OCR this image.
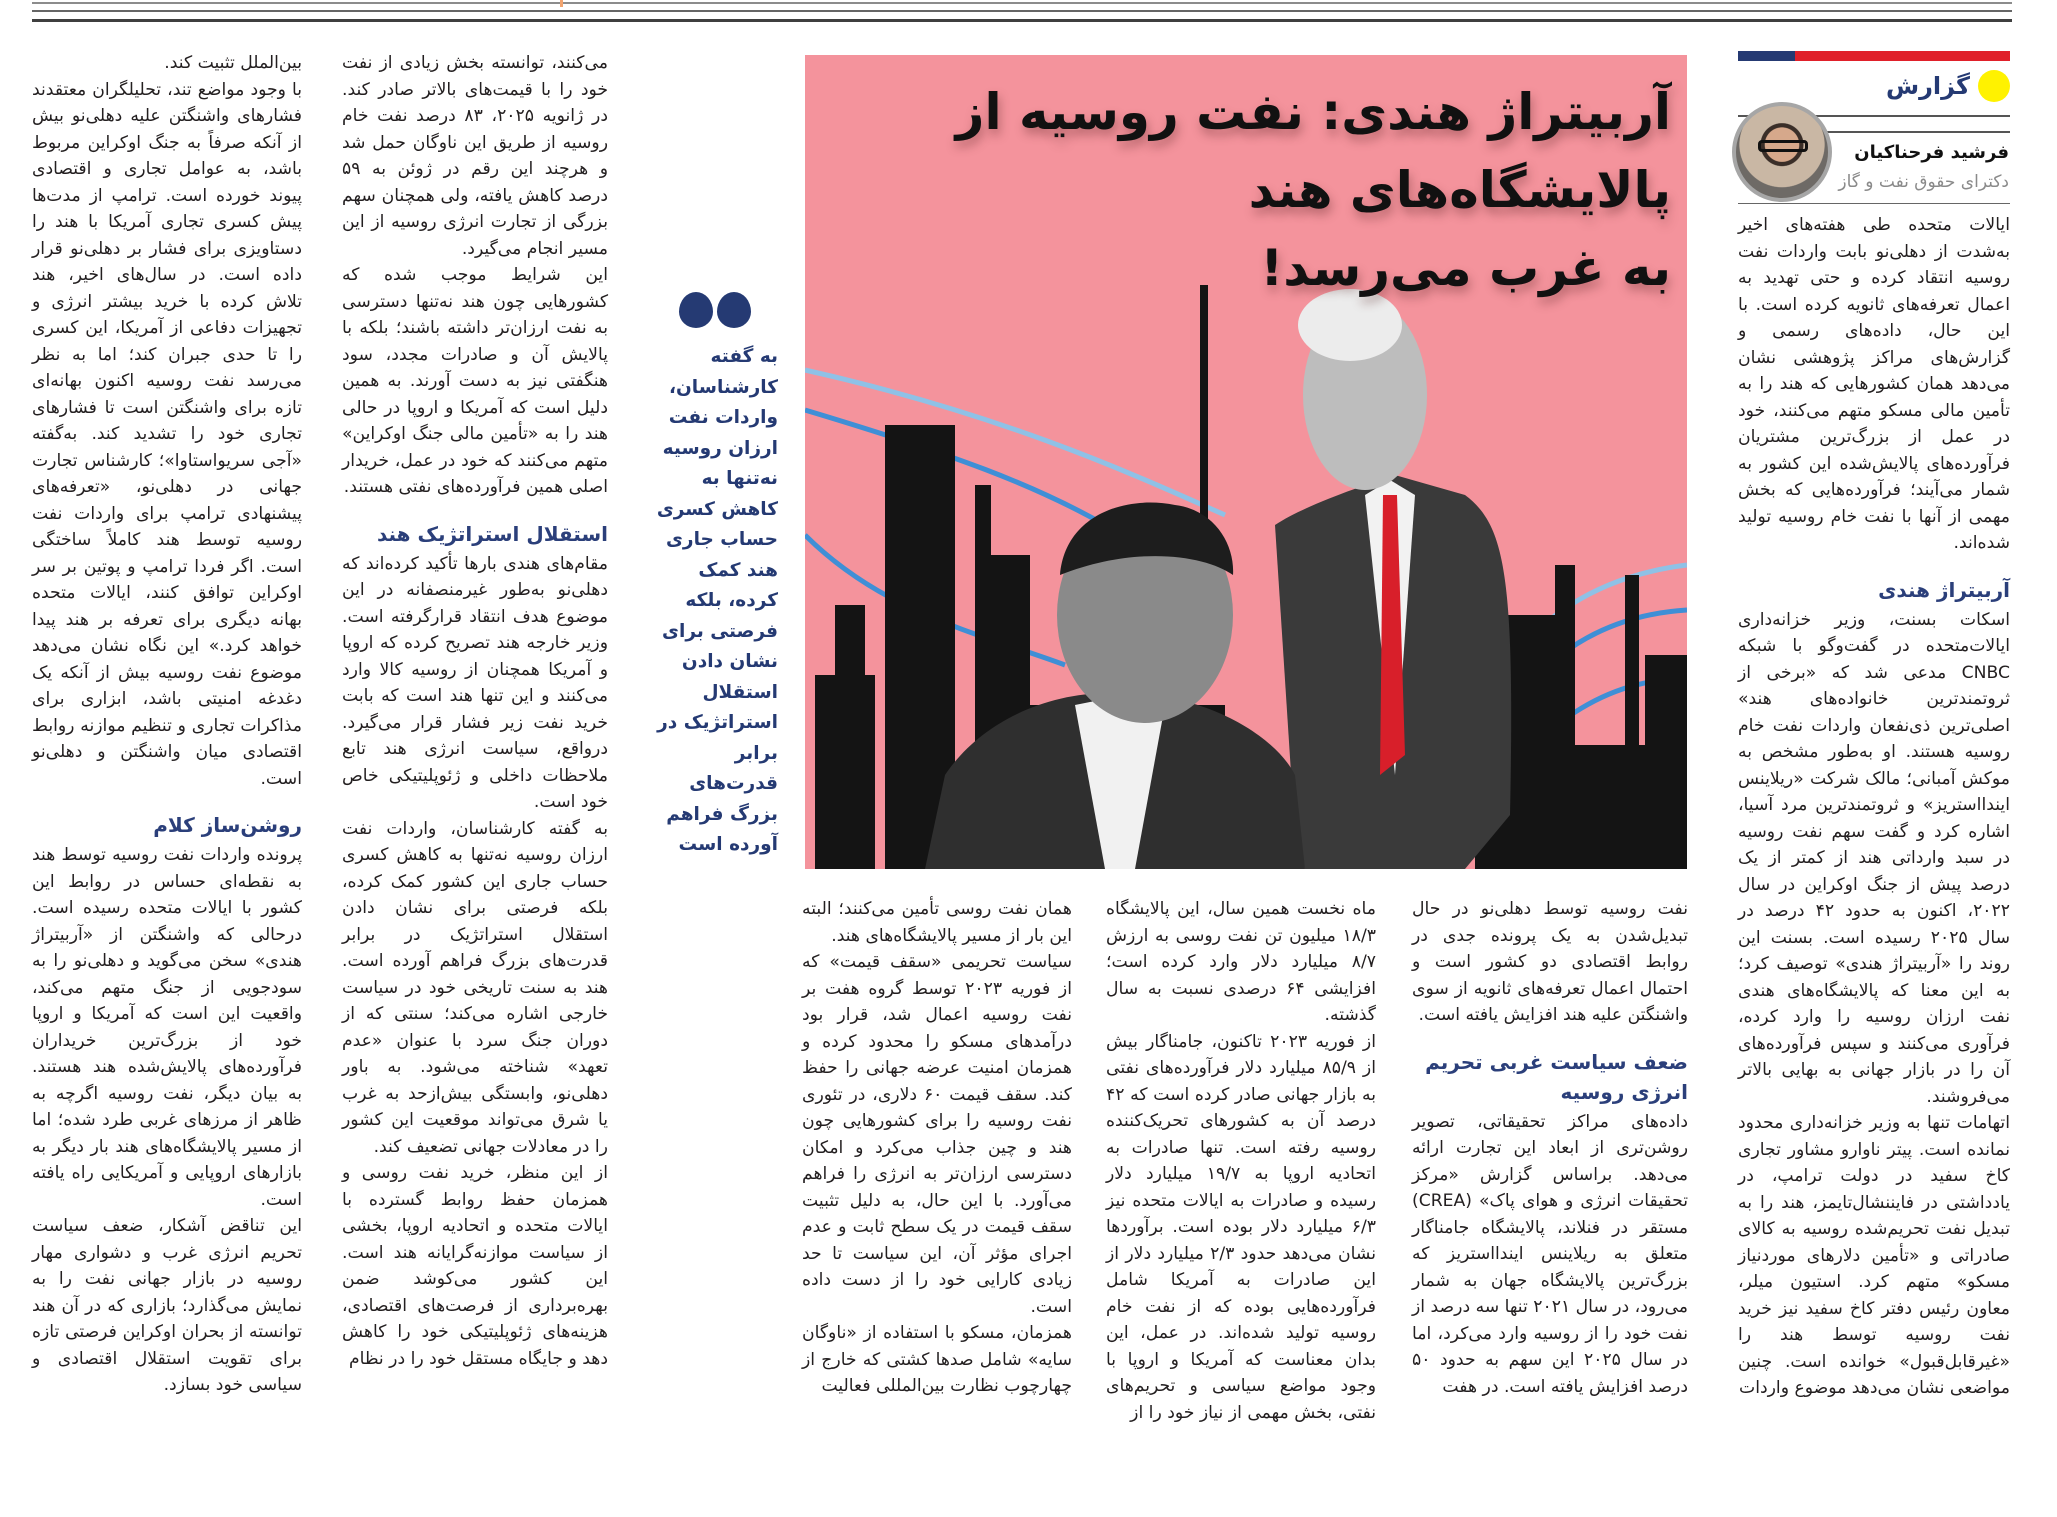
گزارش
فرشید فرحناکیان
دکترای حقوق نفت و گاز

ایالات متحده طی هفته‌های اخیر به‌شدت از دهلی‌نو بابت واردات نفت روسیه انتقاد کرده و حتی تهدید به اعمال تعرفه‌های ثانویه کرده است. با این حال، داده‌های رسمی و گزارش‌های مراکز پژوهشی نشان می‌دهد همان کشورهایی که هند را به تأمین مالی مسکو متهم می‌کنند، خود در عمل از بزرگ‌ترین مشتریان فرآورده‌های پالایش‌شده این کشور به شمار می‌آیند؛ فرآورده‌هایی که بخش مهمی از آنها با نفت خام روسیه تولید شده‌اند.

آربیتراژ هندی

اسکات بسنت، وزیر خزانه‌داری ایالات‌متحده در گفت‌وگو با شبکه CNBC مدعی شد که «برخی از ثروتمندترین خانواده‌های هند» اصلی‌ترین ذی‌نفعان واردات نفت خام روسیه هستند. او به‌طور مشخص به موکش آمبانی؛ مالک شرکت «ریلاینس ایندااستریز» و ثروتمندترین مرد آسیا، اشاره کرد و گفت سهم نفت روسیه در سبد وارداتی هند از کمتر از یک درصد پیش از جنگ اوکراین در سال ۲۰۲۲، اکنون به حدود ۴۲ درصد در سال ۲۰۲۵ رسیده است. بسنت این روند را «آربیتراژ هندی» توصیف کرد؛ به این معنا که پالایشگاه‌های هندی نفت ارزان روسیه را وارد کرده، فرآوری می‌کنند و سپس فرآورده‌های آن را در بازار جهانی به بهایی بالاتر می‌فروشند.

اتهامات تنها به وزیر خزانه‌داری محدود نمانده است. پیتر ناوارو مشاور تجاری کاخ سفید در دولت ترامپ، در یادداشتی در فایننشال‌تایمز، هند را به تبدیل نفت تحریم‌شده روسیه به کالای صادراتی و «تأمین دلارهای موردنیاز مسکو» متهم کرد. استیون میلر، معاون رئیس دفتر کاخ سفید نیز خرید نفت روسیه توسط هند را «غیرقابل‌قبول» خوانده است. چنین مواضعی نشان می‌دهد موضوع واردات

آربیتراژ هندی: نفت روسیه از پالایشگاه‌های هند
به غرب می‌رسد!
به گفته کارشناسان، واردات نفت ارزان روسیه نه‌تنها به کاهش کسری حساب جاری هند کمک کرده، بلکه فرصتی برای نشان دادن استقلال استراتژیک در برابر قدرت‌های بزرگ فراهم آورده است

نفت روسیه توسط دهلی‌نو در حال تبدیل‌شدن به یک پرونده جدی در روابط اقتصادی دو کشور است و احتمال اعمال تعرفه‌های ثانویه از سوی واشنگتن علیه هند افزایش یافته است.

ضعف سیاست غربی تحریم انرژی روسیه

داده‌های مراکز تحقیقاتی، تصویر روشن‌تری از ابعاد این تجارت ارائه می‌دهد. براساس گزارش «مرکز تحقیقات انرژی و هوای پاک» (CREA) مستقر در فنلاند، پالایشگاه جامناگار متعلق به ریلاینس ایندااستریز که بزرگ‌ترین پالایشگاه جهان به شمار می‌رود، در سال ۲۰۲۱ تنها سه درصد از نفت خود را از روسیه وارد می‌کرد، اما در سال ۲۰۲۵ این سهم به حدود ۵۰ درصد افزایش یافته است. در هفت

ماه نخست همین سال، این پالایشگاه ۱۸/۳ میلیون تن نفت روسی به ارزش ۸/۷ میلیارد دلار وارد کرده است؛ افزایشی ۶۴ درصدی نسبت به سال گذشته.

از فوریه ۲۰۲۳ تاکنون، جامناگار بیش از ۸۵/۹ میلیارد دلار فرآورده‌های نفتی به بازار جهانی صادر کرده است که ۴۲ درصد آن به کشورهای تحریک‌کننده روسیه رفته است. تنها صادرات به اتحادیه اروپا به ۱۹/۷ میلیارد دلار رسیده و صادرات به ایالات متحده نیز ۶/۳ میلیارد دلار بوده است. برآوردها نشان می‌دهد حدود ۲/۳ میلیارد دلار از این صادرات به آمریکا شامل فرآورده‌هایی بوده که از نفت خام روسیه تولید شده‌اند. در عمل، این بدان معناست که آمریکا و اروپا با وجود مواضع سیاسی و تحریم‌های نفتی، بخش مهمی از نیاز خود را از

همان نفت روسی تأمین می‌کنند؛ البته این بار از مسیر پالایشگاه‌های هند.

سیاست تحریمی «سقف قیمت» که از فوریه ۲۰۲۳ توسط گروه هفت بر نفت روسیه اعمال شد، قرار بود درآمدهای مسکو را محدود کرده و همزمان امنیت عرضه جهانی را حفظ کند. سقف قیمت ۶۰ دلاری، در تئوری نفت روسیه را برای کشورهایی چون هند و چین جذاب می‌کرد و امکان دسترسی ارزان‌تر به انرژی را فراهم می‌آورد. با این حال، به دلیل تثبیت سقف قیمت در یک سطح ثابت و عدم اجرای مؤثر آن، این سیاست تا حد زیادی کارایی خود را از دست داده است.

همزمان، مسکو با استفاده از «ناوگان سایه» شامل صدها کشتی که خارج از چهارچوب نظارت بین‌المللی فعالیت

می‌کنند، توانسته بخش زیادی از نفت خود را با قیمت‌های بالاتر صادر کند. در ژانویه ۲۰۲۵، ۸۳ درصد نفت خام روسیه از طریق این ناوگان حمل شد و هرچند این رقم در ژوئن به ۵۹ درصد کاهش یافته، ولی همچنان سهم بزرگی از تجارت انرژی روسیه از این مسیر انجام می‌گیرد.

این شرایط موجب شده که کشورهایی چون هند نه‌تنها دسترسی به نفت ارزان‌تر داشته باشند؛ بلکه با پالایش آن و صادرات مجدد، سود هنگفتی نیز به دست آورند. به همین دلیل است که آمریکا و اروپا در حالی هند را به «تأمین مالی جنگ اوکراین» متهم می‌کنند که خود در عمل، خریدار اصلی همین فرآورده‌های نفتی هستند.

استقلال استراتژیک هند

مقام‌های هندی بارها تأکید کرده‌اند که دهلی‌نو به‌طور غیرمنصفانه در این موضوع هدف انتقاد قرارگرفته است. وزیر خارجه هند تصریح کرده که اروپا و آمریکا همچنان از روسیه کالا وارد می‌کنند و این تنها هند است که بابت خرید نفت زیر فشار قرار می‌گیرد. درواقع، سیاست انرژی هند تابع ملاحظات داخلی و ژئوپلیتیکی خاص خود است.

به گفته کارشناسان، واردات نفت ارزان روسیه نه‌تنها به کاهش کسری حساب جاری این کشور کمک کرده، بلکه فرصتی برای نشان دادن استقلال استراتژیک در برابر قدرت‌های بزرگ فراهم آورده است. هند به سنت تاریخی خود در سیاست خارجی اشاره می‌کند؛ سنتی که از دوران جنگ سرد با عنوان «عدم تعهد» شناخته می‌شود. به باور دهلی‌نو، وابستگی بیش‌ازحد به غرب یا شرق می‌تواند موقعیت این کشور را در معادلات جهانی تضعیف کند.

از این منظر، خرید نفت روسی و همزمان حفظ روابط گسترده با ایالات متحده و اتحادیه اروپا، بخشی از سیاست موازنه‌گرایانه هند است. این کشور می‌کوشد ضمن بهره‌برداری از فرصت‌های اقتصادی، هزینه‌های ژئوپلیتیکی خود را کاهش دهد و جایگاه مستقل خود را در نظام

بین‌الملل تثبیت کند.

با وجود مواضع تند، تحلیلگران معتقدند فشارهای واشنگتن علیه دهلی‌نو بیش از آنکه صرفاً به جنگ اوکراین مربوط باشد، به عوامل تجاری و اقتصادی پیوند خورده است. ترامپ از مدت‌ها پیش کسری تجاری آمریکا با هند را دستاویزی برای فشار بر دهلی‌نو قرار داده است. در سال‌های اخیر، هند تلاش کرده با خرید بیشتر انرژی و تجهیزات دفاعی از آمریکا، این کسری را تا حدی جبران کند؛ اما به نظر می‌رسد نفت روسیه اکنون بهانه‌ای تازه برای واشنگتن است تا فشارهای تجاری خود را تشدید کند. به‌گفته «آجی سریواستاوا»؛ کارشناس تجارت جهانی در دهلی‌نو، «تعرفه‌های پیشنهادی ترامپ برای واردات نفت روسیه توسط هند کاملاً ساختگی است. اگر فردا ترامپ و پوتین بر سر اوکراین توافق کنند، ایالات متحده بهانه دیگری برای تعرفه بر هند پیدا خواهد کرد.» این نگاه نشان می‌دهد موضوع نفت روسیه بیش از آنکه یک دغدغه امنیتی باشد، ابزاری برای مذاکرات تجاری و تنظیم موازنه روابط اقتصادی میان واشنگتن و دهلی‌نو است.

روشن‌ساز کلام

پرونده واردات نفت روسیه توسط هند به نقطه‌ای حساس در روابط این کشور با ایالات متحده رسیده است. درحالی که واشنگتن از «آربیتراژ هندی» سخن می‌گوید و دهلی‌نو را به سودجویی از جنگ متهم می‌کند، واقعیت این است که آمریکا و اروپا خود از بزرگ‌ترین خریداران فرآورده‌های پالایش‌شده هند هستند. به بیان دیگر، نفت روسیه اگرچه به ظاهر از مرزهای غربی طرد شده؛ اما از مسیر پالایشگاه‌های هند بار دیگر به بازارهای اروپایی و آمریکایی راه یافته است.

این تناقض آشکار، ضعف سیاست تحریم انرژی غرب و دشواری مهار روسیه در بازار جهانی نفت را به نمایش می‌گذارد؛ بازاری که در آن هند توانسته از بحران اوکراین فرصتی تازه برای تقویت استقلال اقتصادی و سیاسی خود بسازد.
